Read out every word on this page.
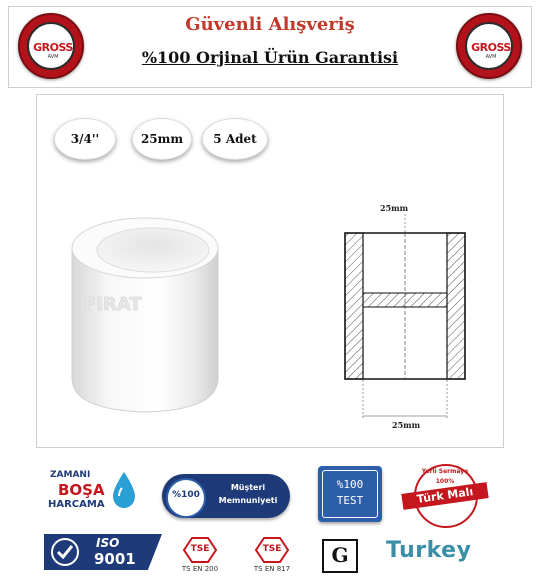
GROSS
AVM
Güvenli Alışveriş
%100 Orjinal Ürün Garantisi
GROSS
AVM
3/4''	25mm	5 Adet
FIRAT
25mm
25mm
ZAMANI
BOŞA
HARCAMA
%100
Müşteri
Memnuniyeti
%100
TEST
Yerli Sermaye
100%
Türk Malı
ISO
9001
TSE
TS EN 200
TSE
TS EN 817
G	Turkey
